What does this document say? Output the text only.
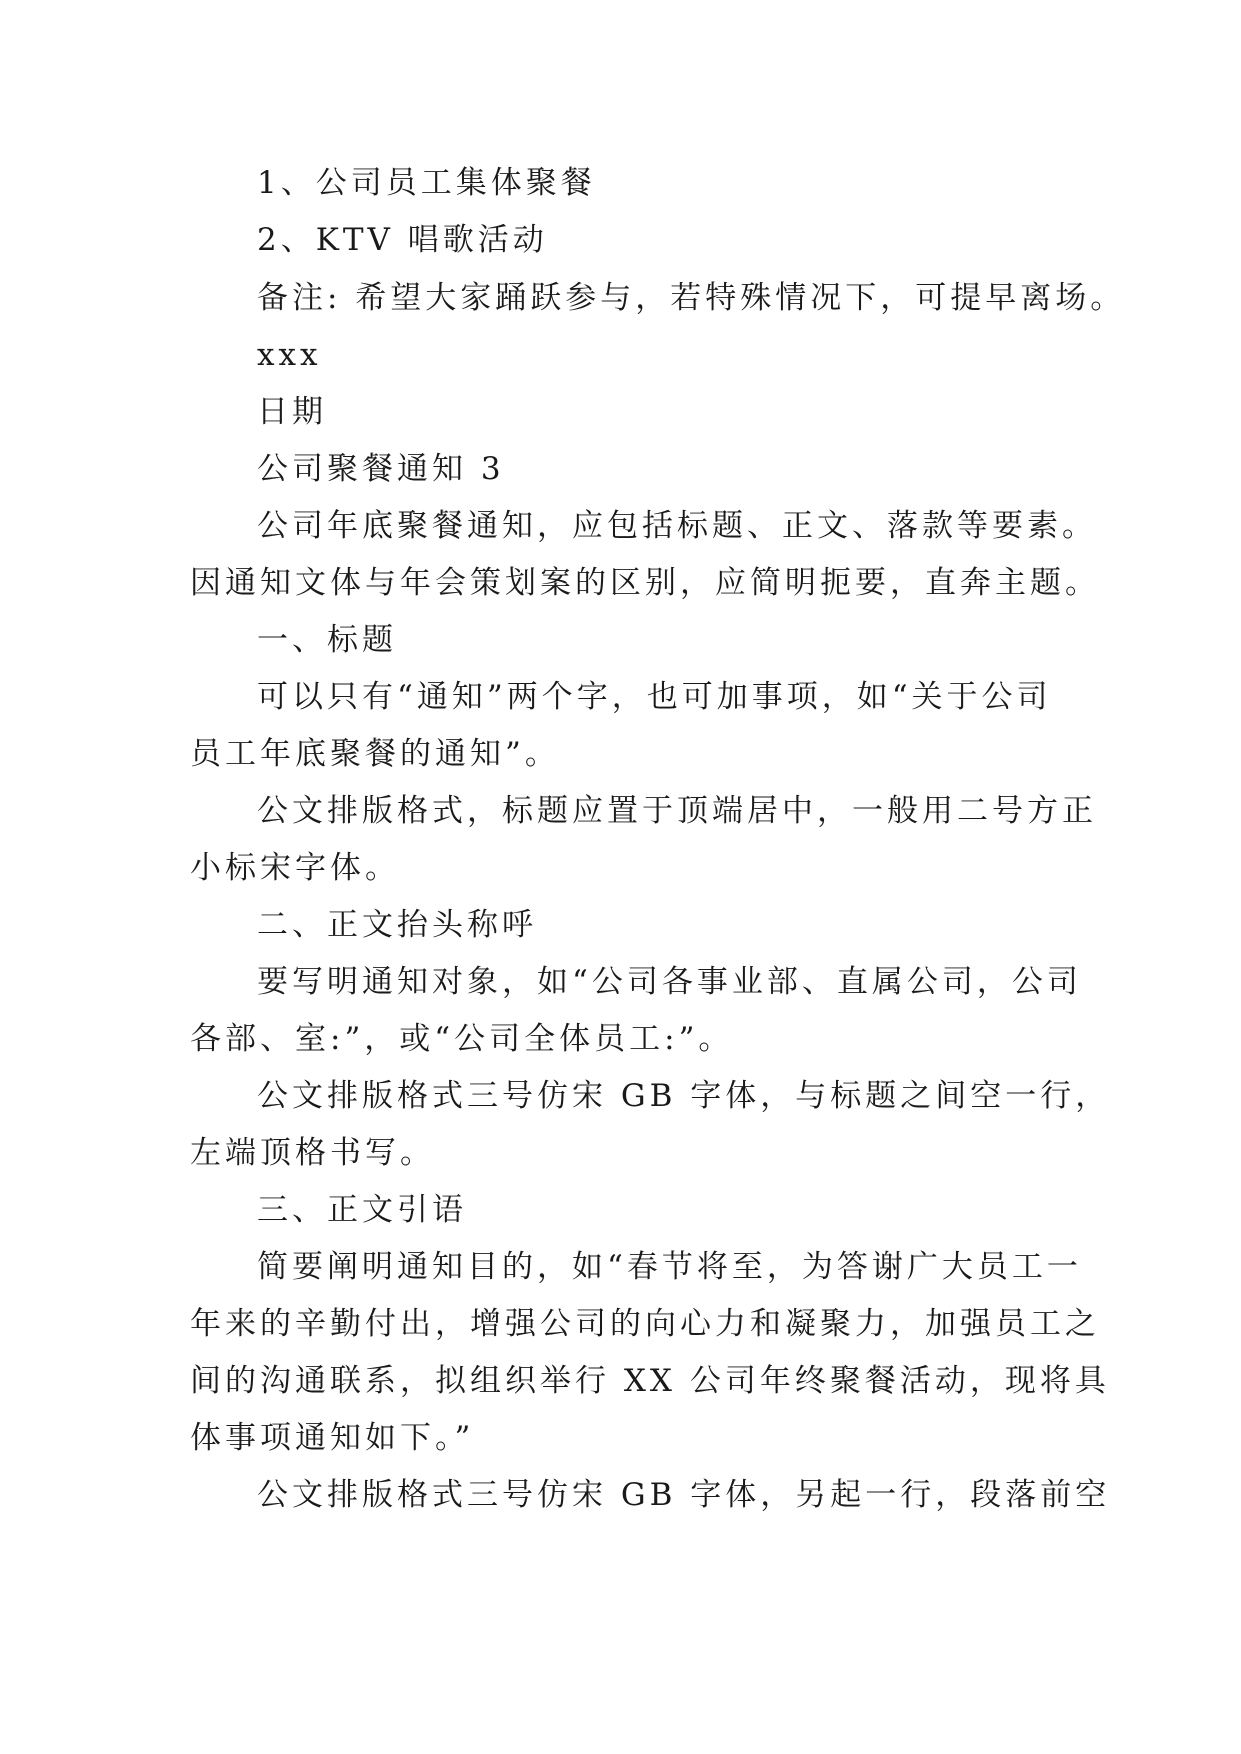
1、公司员工集体聚餐

2、KTV 唱歌活动

备注: 希望大家踊跃参与，若特殊情况下，可提早离场。

xxx

日期

公司聚餐通知 3

公司年底聚餐通知，应包括标题、正文、落款等要素。

因通知文体与年会策划案的区别，应简明扼要，直奔主题。

一、标题

可以只有“通知”两个字，也可加事项，如“关于公司

员工年底聚餐的通知”。

公文排版格式，标题应置于顶端居中，一般用二号方正

小标宋字体。

二、正文抬头称呼

要写明通知对象，如“公司各事业部、直属公司，公司

各部、室:”，或“公司全体员工:”。

公文排版格式三号仿宋 GB 字体，与标题之间空一行，

左端顶格书写。

三、正文引语

简要阐明通知目的，如“春节将至，为答谢广大员工一

年来的辛勤付出，增强公司的向心力和凝聚力，加强员工之

间的沟通联系，拟组织举行 XX 公司年终聚餐活动，现将具

体事项通知如下。”

公文排版格式三号仿宋 GB 字体，另起一行，段落前空
